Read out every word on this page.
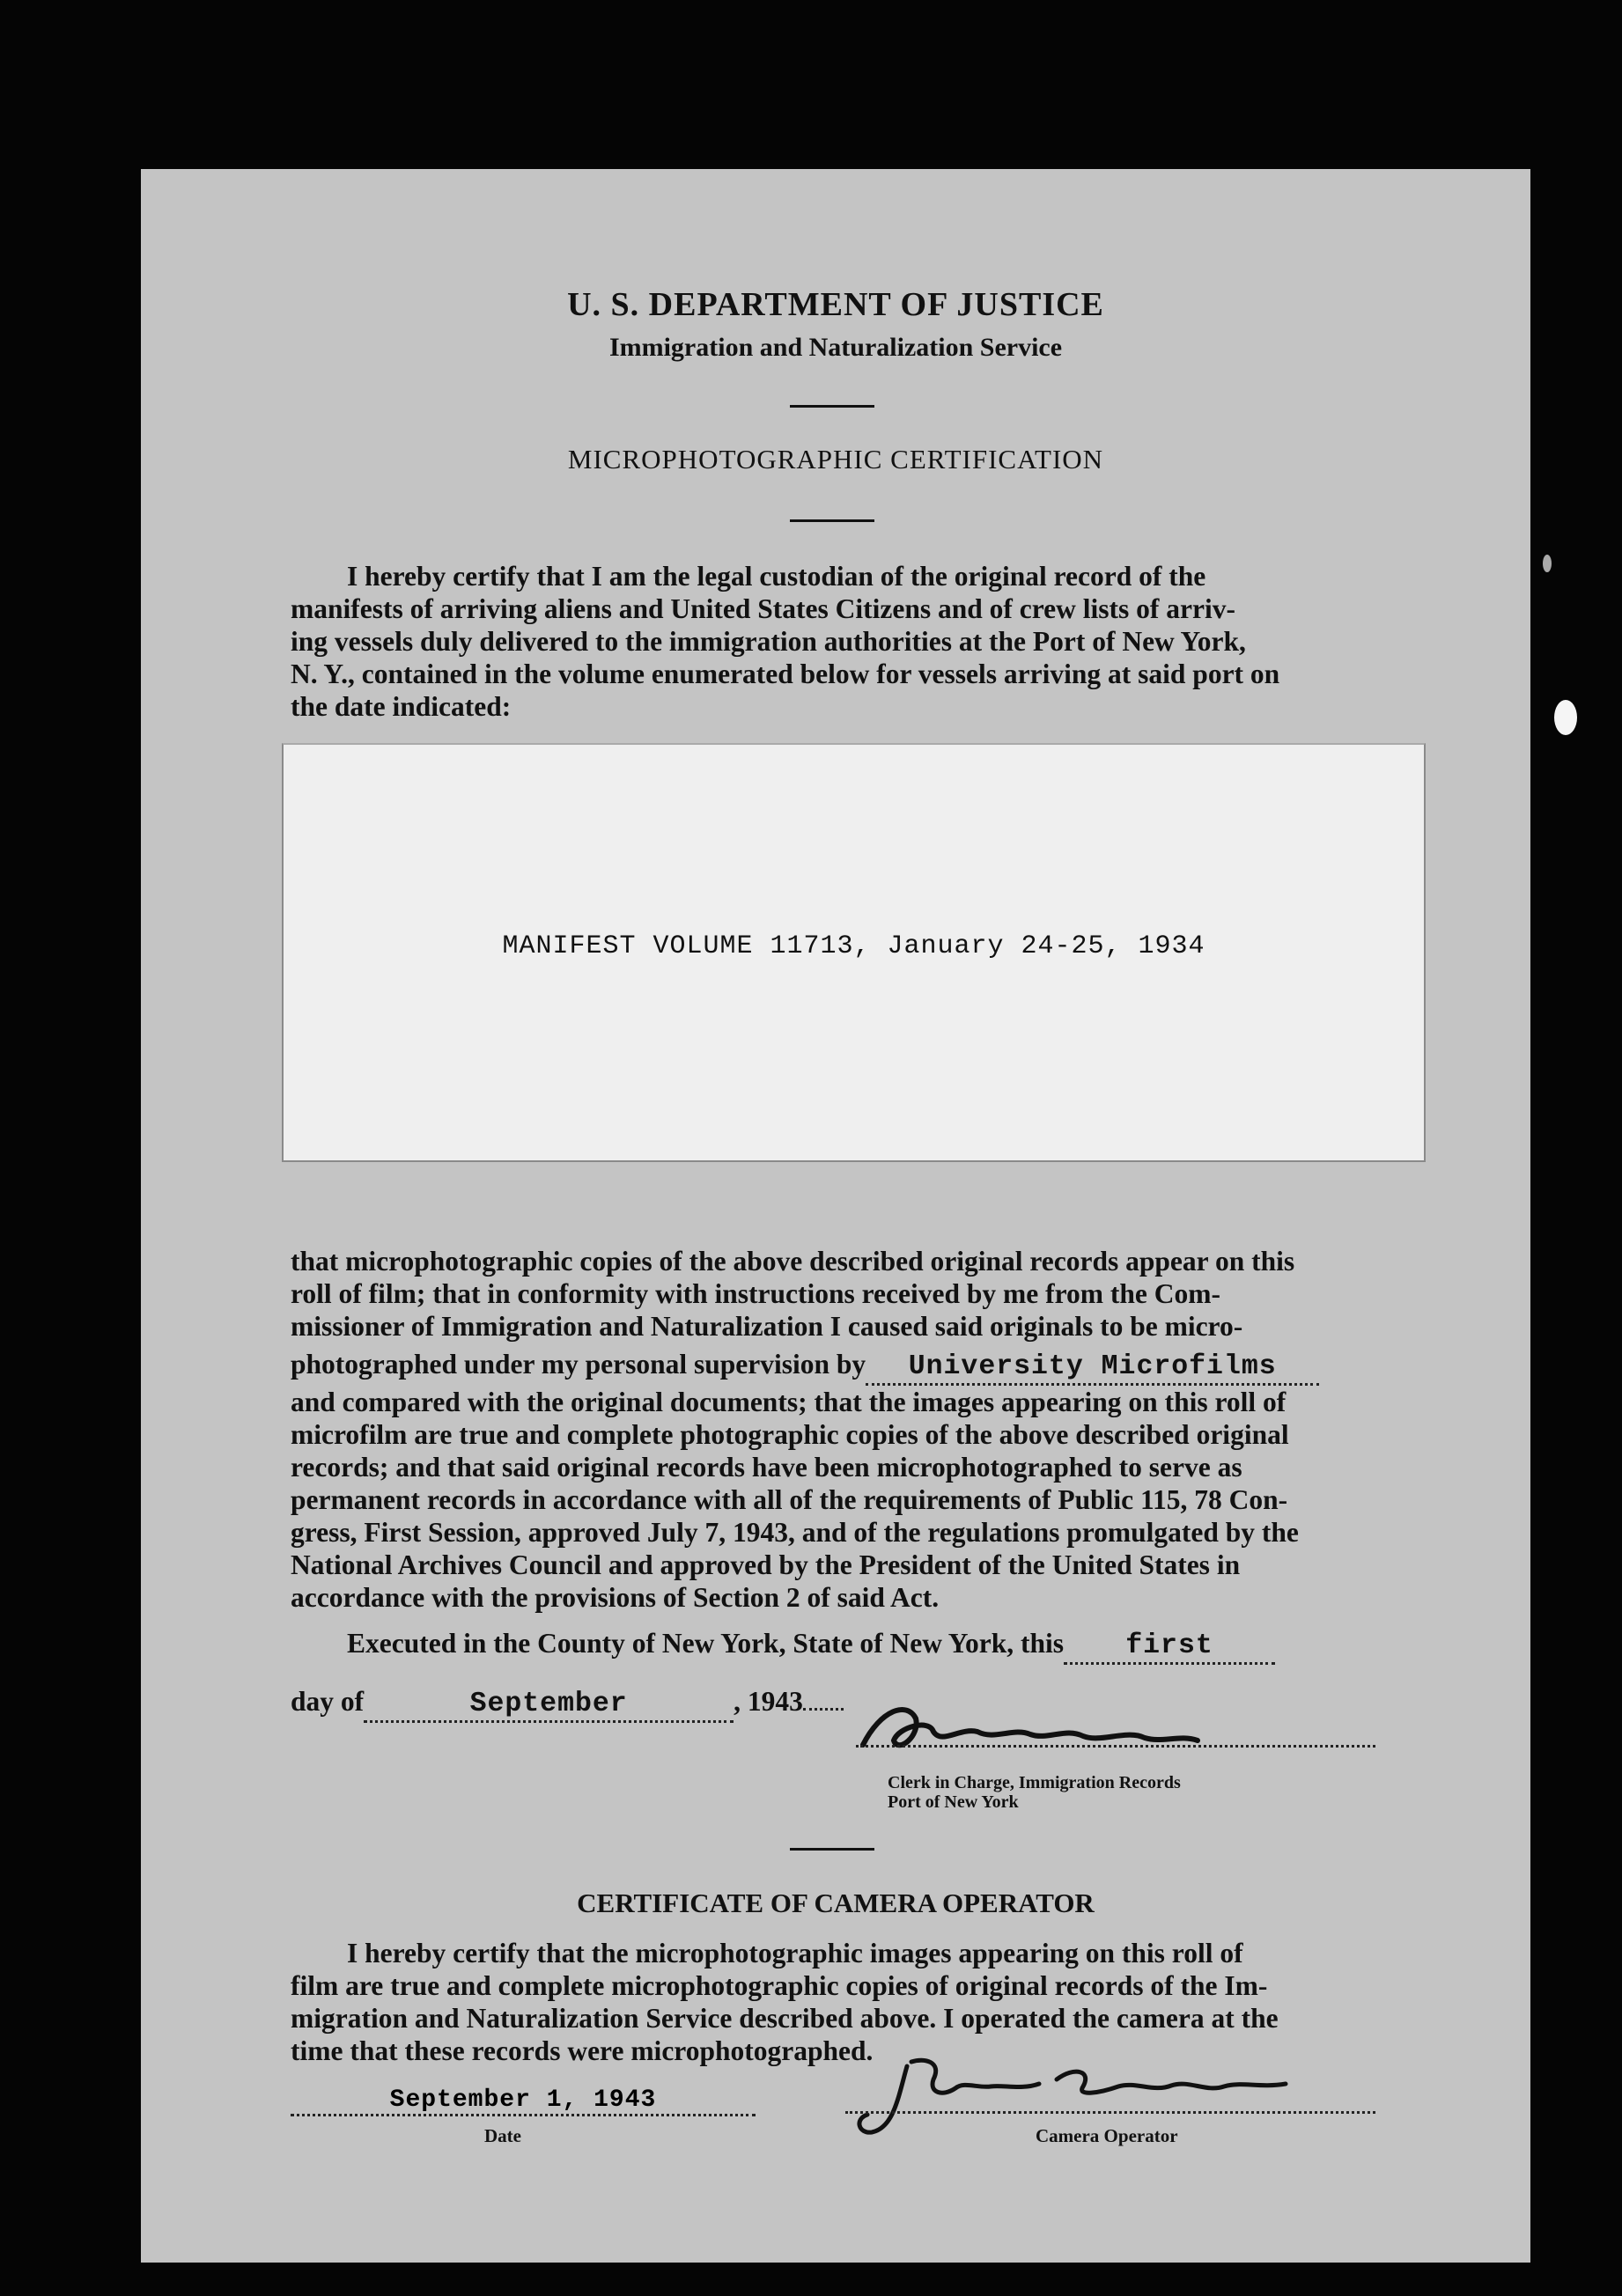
U. S. DEPARTMENT OF JUSTICE
Immigration and Naturalization Service
MICROPHOTOGRAPHIC CERTIFICATION
I hereby certify that I am the legal custodian of the original record of the
manifests of arriving aliens and United States Citizens and of crew lists of arriv-
ing vessels duly delivered to the immigration authorities at the Port of New York,
N. Y., contained in the volume enumerated below for vessels arriving at said port on
the date indicated:
MANIFEST VOLUME 11713, January 24-25, 1934
that microphotographic copies of the above described original records appear on this
roll of film; that in conformity with instructions received by me from the Com-
missioner of Immigration and Naturalization I caused said originals to be micro-
photographed under my personal supervision by University Microfilms
and compared with the original documents; that the images appearing on this roll of
microfilm are true and complete photographic copies of the above described original
records; and that said original records have been microphotographed to serve as
permanent records in accordance with all of the requirements of Public 115, 78 Con-
gress, First Session, approved July 7, 1943, and of the regulations promulgated by the
National Archives Council and approved by the President of the United States in
accordance with the provisions of Section 2 of said Act.
Executed in the County of New York, State of New York, this first
day of	September	, 1943
Clerk in Charge, Immigration Records
Port of New York
CERTIFICATE OF CAMERA OPERATOR
I hereby certify that the microphotographic images appearing on this roll of
film are true and complete microphotographic copies of original records of the Im-
migration and Naturalization Service described above. I operated the camera at the
time that these records were microphotographed.
September 1, 1943
Date	Camera Operator
